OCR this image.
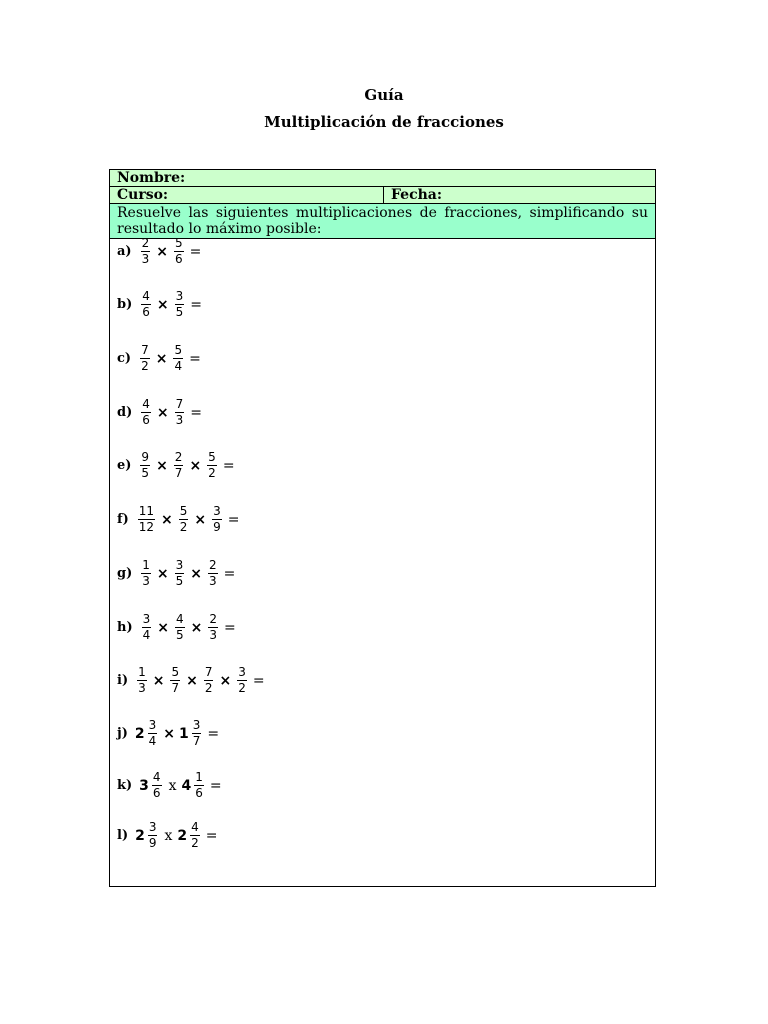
Guía
Multiplicación de fracciones
Nombre:
Curso:	Fecha:
Resuelve las siguientes multiplicaciones de fracciones, simplificando su resultado lo máximo posible:
$a) \frac{2}{3} \times \frac{5}{6}$ =
$b) \frac{4}{6} \times \frac{3}{5}$ =
$c) \frac{7}{2} \times \frac{5}{4}$ =
$d) \frac{4}{6} \times \frac{7}{3}$ =
$e) \frac{9}{5} \times \frac{2}{7} \times \frac{5}{2}$ =
$f) \frac{11}{12} \times \frac{5}{2} \times \frac{3}{9}$ =
$g) \frac{1}{3} \times \frac{3}{5} \times \frac{2}{3}$ =
$h) \frac{3}{4} \times \frac{4}{5} \times \frac{2}{3}$ =
$i) \frac{1}{3} \times \frac{5}{7} \times \frac{7}{2} \times \frac{3}{2}$ =
j) $2 \frac{3}{4} \times 1 \frac{3}{7}$ =
k) $3 \frac{4}{6}$ x $4 \frac{1}{6}$ =
l) $2 \frac{3}{9}$ x $2 \frac{4}{2}$ =
